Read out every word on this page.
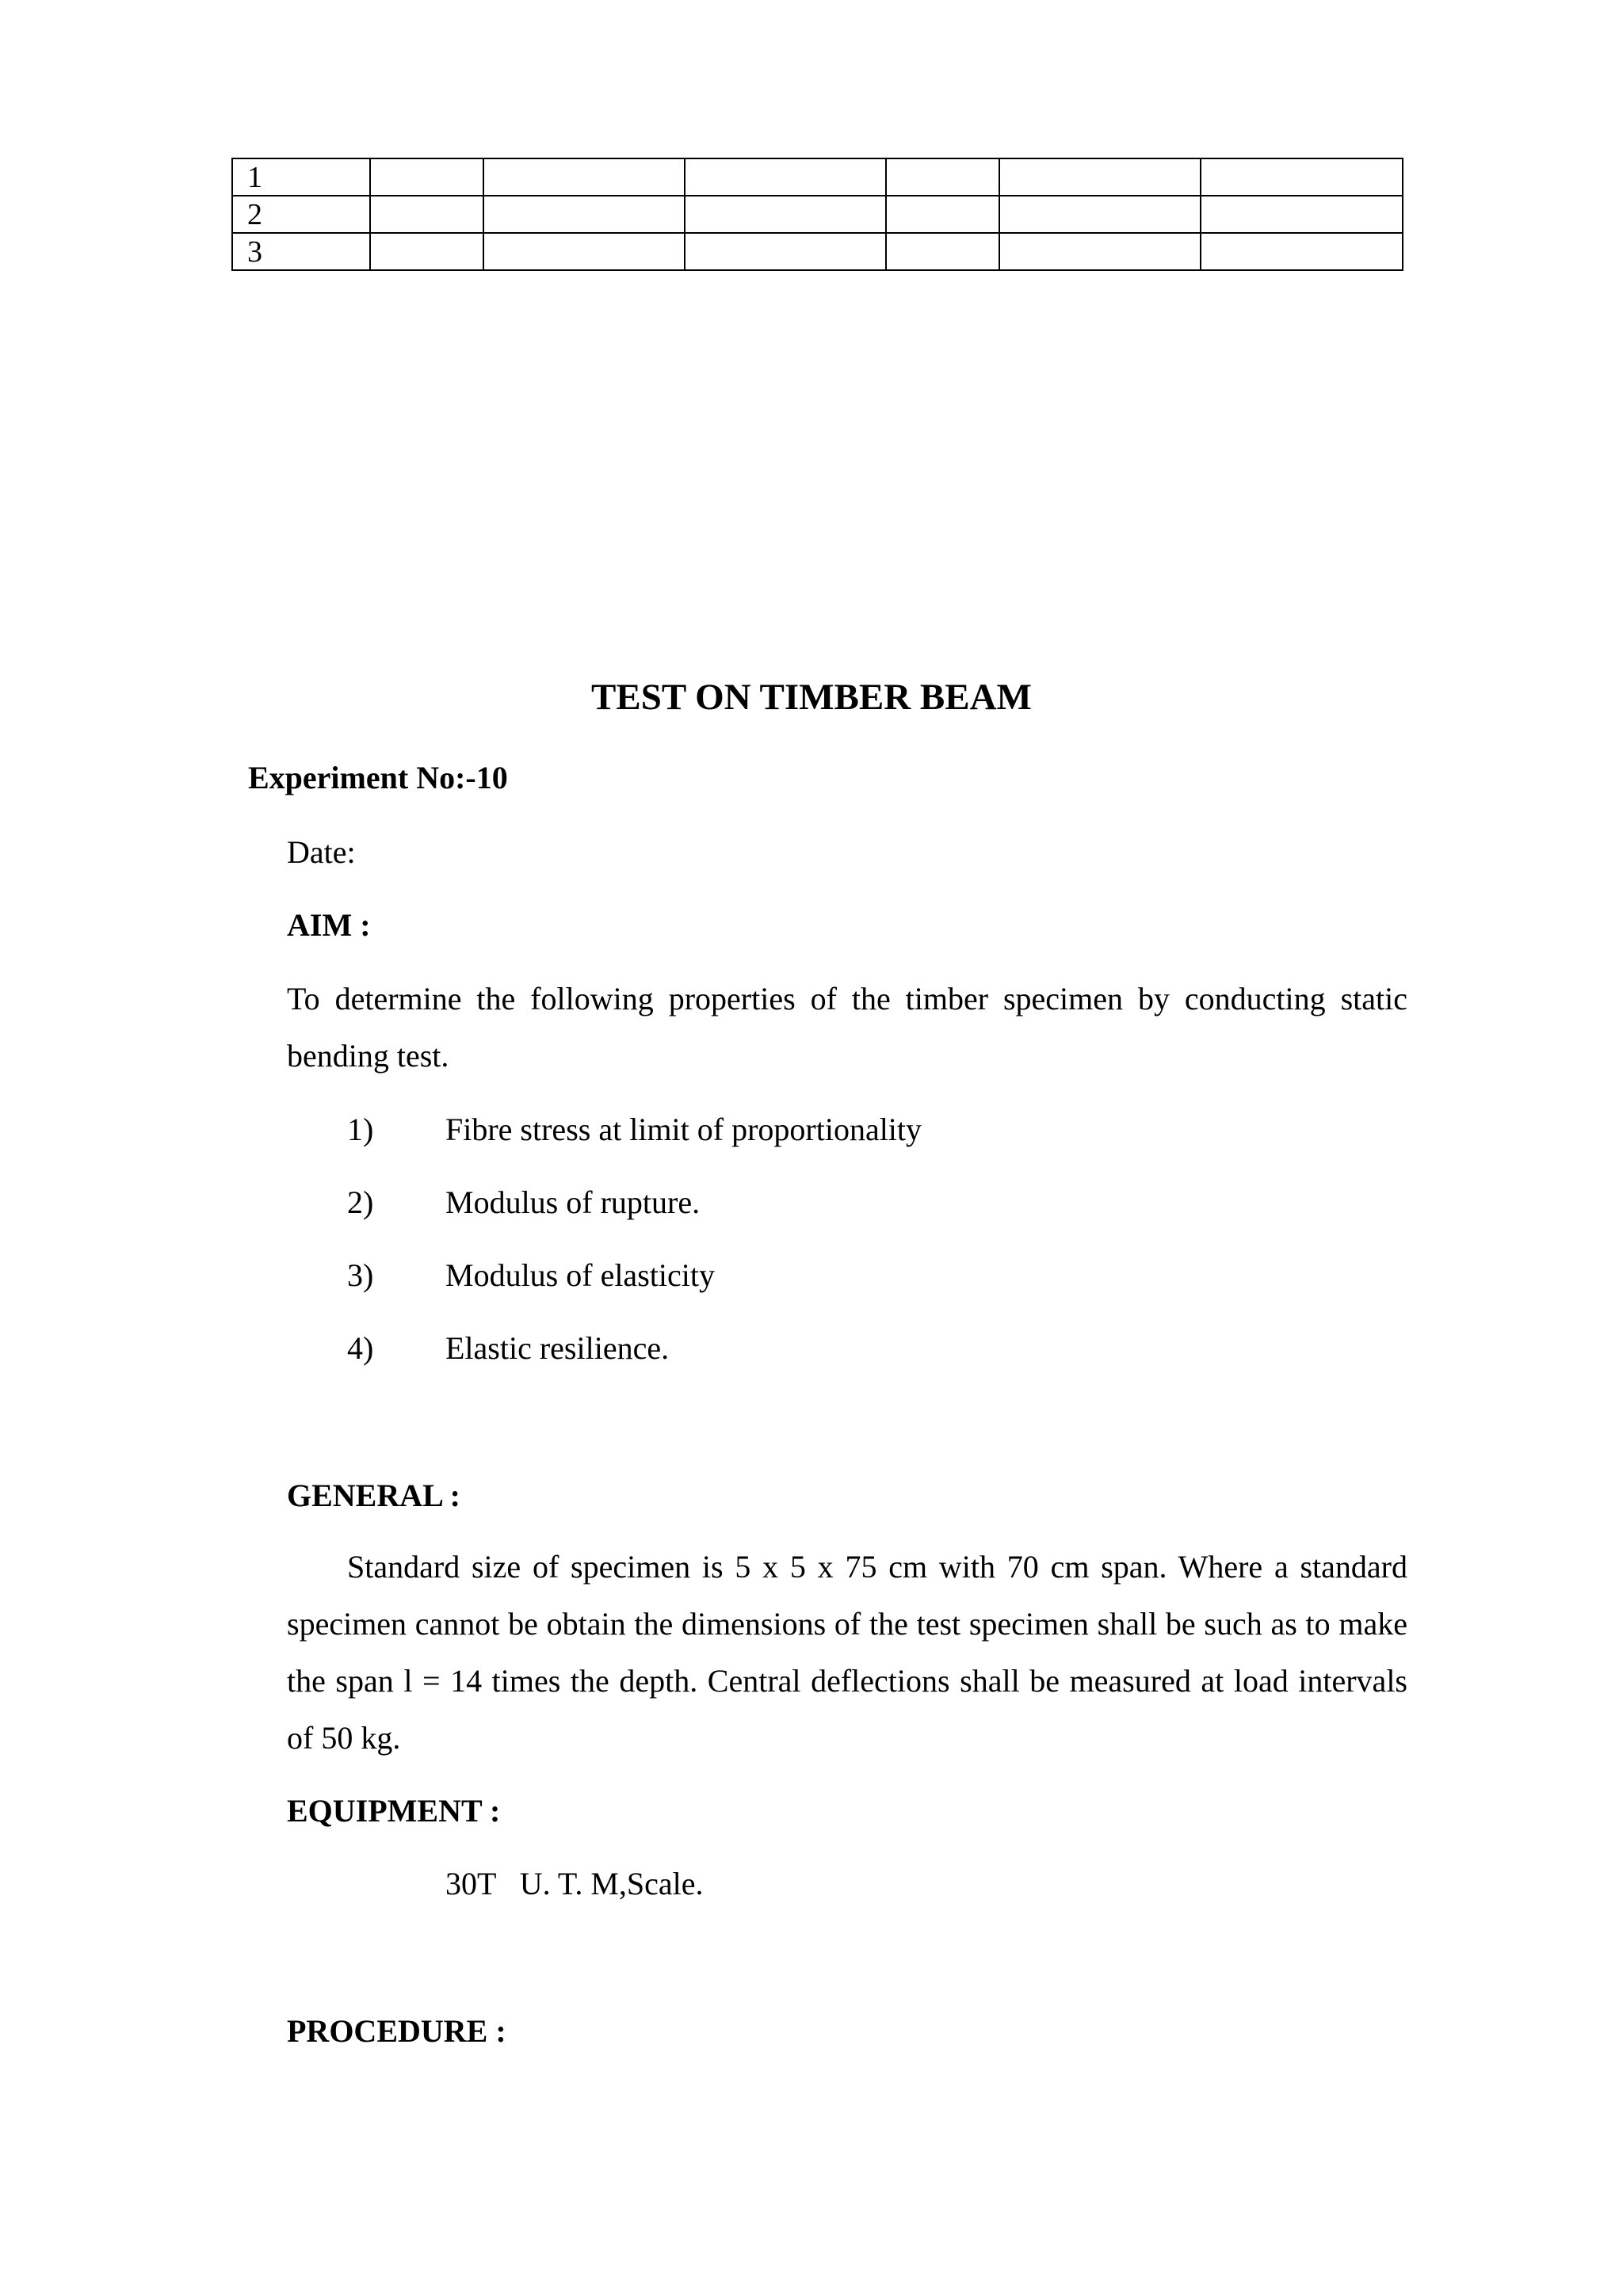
1						
2						
3						
TEST ON TIMBER BEAM
Experiment No:-10
Date:
AIM :
To determine the following properties of the timber specimen by conducting static bending test.
1) Fibre stress at limit of proportionality
2) Modulus of rupture.
3) Modulus of elasticity
4) Elastic resilience.
GENERAL :
Standard size of specimen is 5 x 5 x 75 cm with 70 cm span. Where a standard specimen cannot be obtain the dimensions of the test specimen shall be such as to make the span l = 14 times the depth. Central deflections shall be measured at load intervals of 50 kg.
EQUIPMENT :
30T   U. T. M,Scale.
PROCEDURE :
